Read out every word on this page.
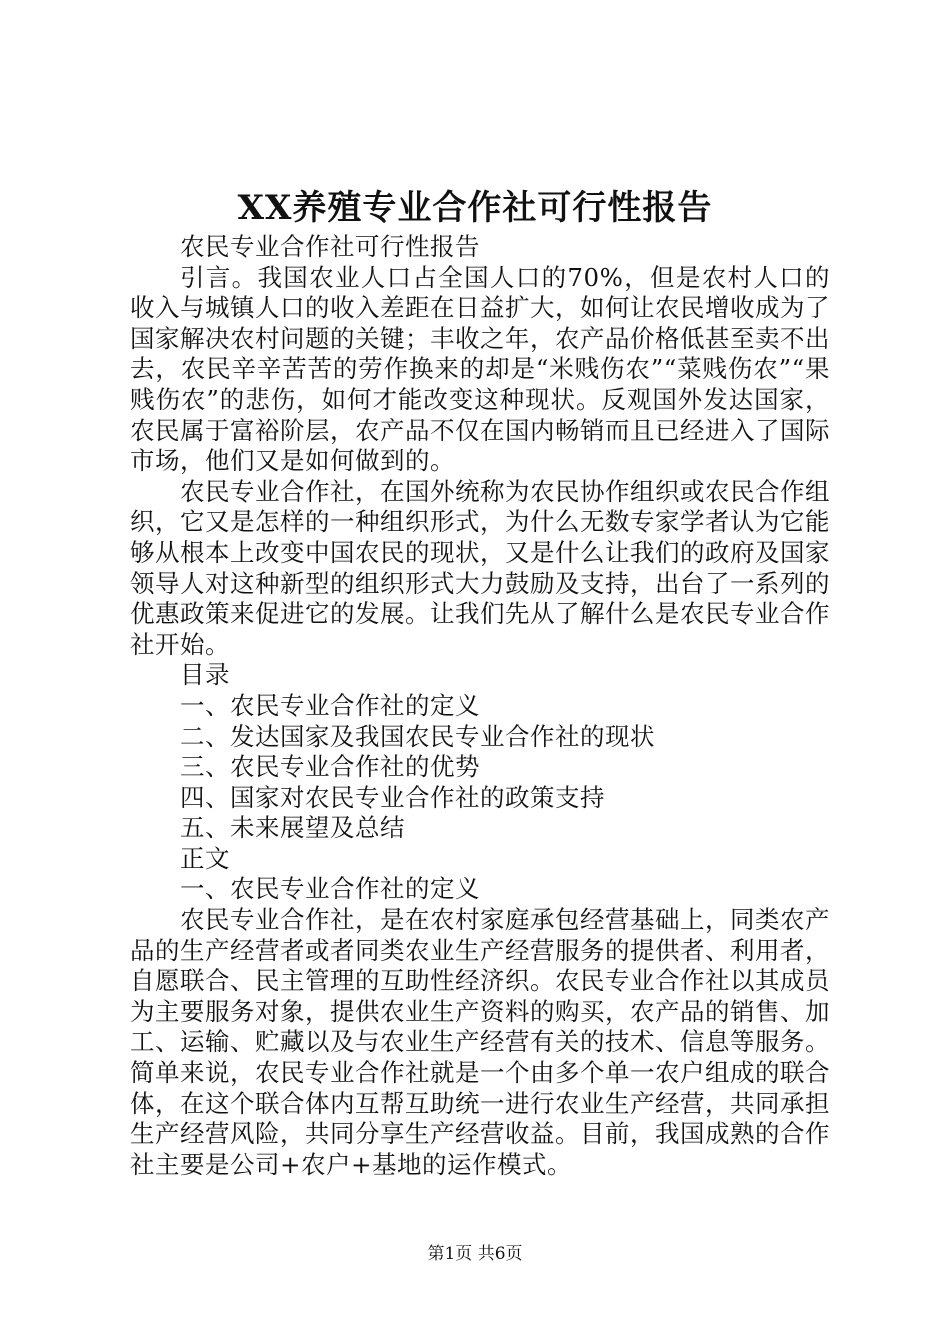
XX养殖专业合作社可行性报告

农民专业合作社可行性报告

引言。我国农业人口占全国人口的70%，但是农村人口的收入与城镇人口的收入差距在日益扩大，如何让农民增收成为了国家解决农村问题的关键；丰收之年，农产品价格低甚至卖不出去，农民辛辛苦苦的劳作换来的却是“米贱伤农”“菜贱伤农”“果贱伤农”的悲伤，如何才能改变这种现状。反观国外发达国家，农民属于富裕阶层，农产品不仅在国内畅销而且已经进入了国际市场，他们又是如何做到的。

农民专业合作社，在国外统称为农民协作组织或农民合作组织，它又是怎样的一种组织形式，为什么无数专家学者认为它能够从根本上改变中国农民的现状，又是什么让我们的政府及国家领导人对这种新型的组织形式大力鼓励及支持，出台了一系列的优惠政策来促进它的发展。让我们先从了解什么是农民专业合作社开始。

目录

一、农民专业合作社的定义

二、发达国家及我国农民专业合作社的现状

三、农民专业合作社的优势

四、国家对农民专业合作社的政策支持

五、未来展望及总结

正文

一、农民专业合作社的定义

农民专业合作社，是在农村家庭承包经营基础上，同类农产品的生产经营者或者同类农业生产经营服务的提供者、利用者，自愿联合、民主管理的互助性经济织。农民专业合作社以其成员为主要服务对象，提供农业生产资料的购买，农产品的销售、加工、运输、贮藏以及与农业生产经营有关的技术、信息等服务。简单来说，农民专业合作社就是一个由多个单一农户组成的联合体，在这个联合体内互帮互助统一进行农业生产经营，共同承担生产经营风险，共同分享生产经营收益。目前，我国成熟的合作社主要是公司+农户+基地的运作模式。

第1页 共6页
